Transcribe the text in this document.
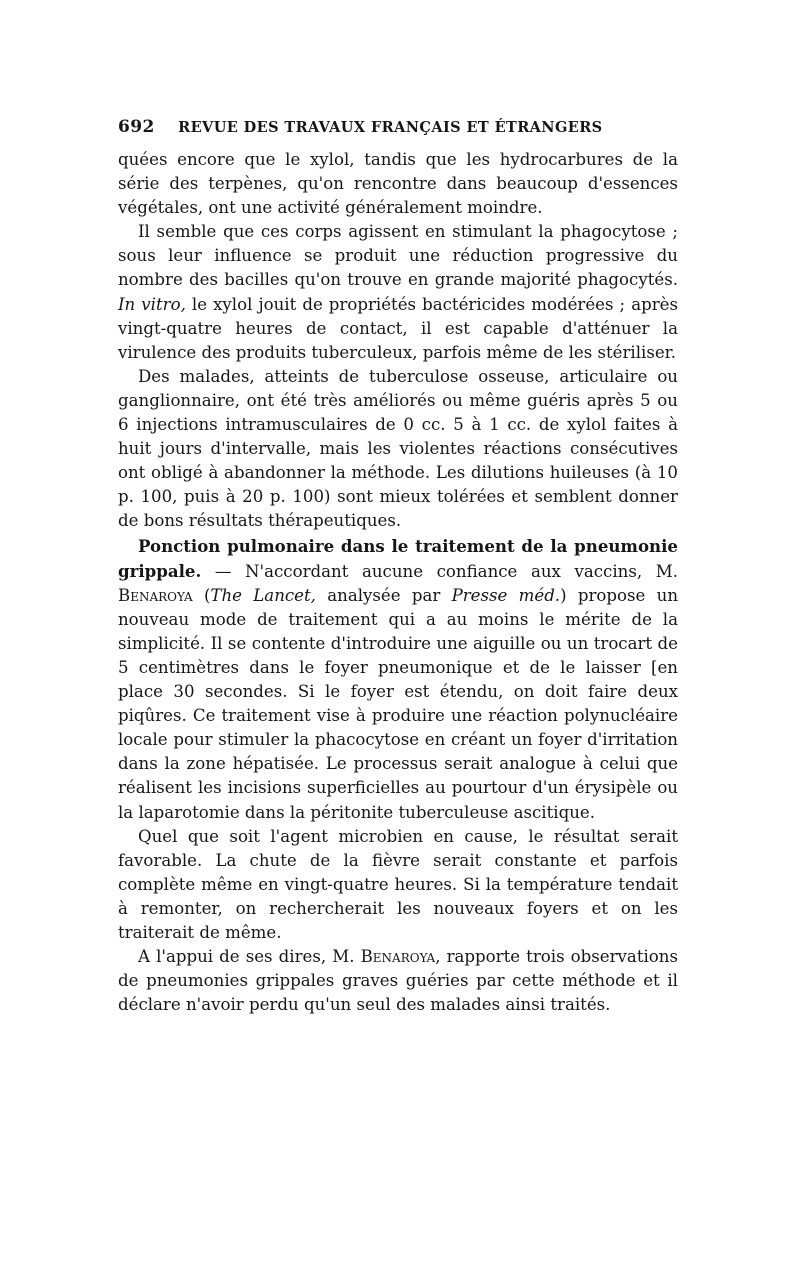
692 REVUE DES TRAVAUX FRANÇAIS ET ÉTRANGERS

quées encore que le xylol, tandis que les hydrocarbures de la série des terpènes, qu'on rencontre dans beaucoup d'essences végétales, ont une activité généralement moindre.

Il semble que ces corps agissent en stimulant la phagocytose ; sous leur influence se produit une réduction progressive du nombre des bacilles qu'on trouve en grande majorité phagocytés. In vitro, le xylol jouit de propriétés bactéricides modérées ; après vingt-quatre heures de contact, il est capable d'atténuer la virulence des produits tuberculeux, parfois même de les stériliser.

Des malades, atteints de tuberculose osseuse, articulaire ou ganglionnaire, ont été très améliorés ou même guéris après 5 ou 6 injections intramusculaires de 0 cc. 5 à 1 cc. de xylol faites à huit jours d'intervalle, mais les violentes réactions consécutives ont obligé à abandonner la méthode. Les dilutions huileuses (à 10 p. 100, puis à 20 p. 100) sont mieux tolérées et semblent donner de bons résultats thérapeutiques.

Ponction pulmonaire dans le traitement de la pneumonie grippale. — N'accordant aucune confiance aux vaccins, M. Benaroya (The Lancet, analysée par Presse méd.) propose un nouveau mode de traitement qui a au moins le mérite de la simplicité. Il se contente d'introduire une aiguille ou un trocart de 5 centimètres dans le foyer pneumonique et de le laisser [en place 30 secondes. Si le foyer est étendu, on doit faire deux piqûres. Ce traitement vise à produire une réaction polynucléaire locale pour stimuler la phacocytose en créant un foyer d'irritation dans la zone hépatisée. Le processus serait analogue à celui que réalisent les incisions superficielles au pourtour d'un érysipèle ou la laparotomie dans la péritonite tuberculeuse ascitique.

Quel que soit l'agent microbien en cause, le résultat serait favorable. La chute de la fièvre serait constante et parfois complète même en vingt-quatre heures. Si la température tendait à remonter, on rechercherait les nouveaux foyers et on les traiterait de même.

A l'appui de ses dires, M. Benaroya, rapporte trois observations de pneumonies grippales graves guéries par cette méthode et il déclare n'avoir perdu qu'un seul des malades ainsi traités.
